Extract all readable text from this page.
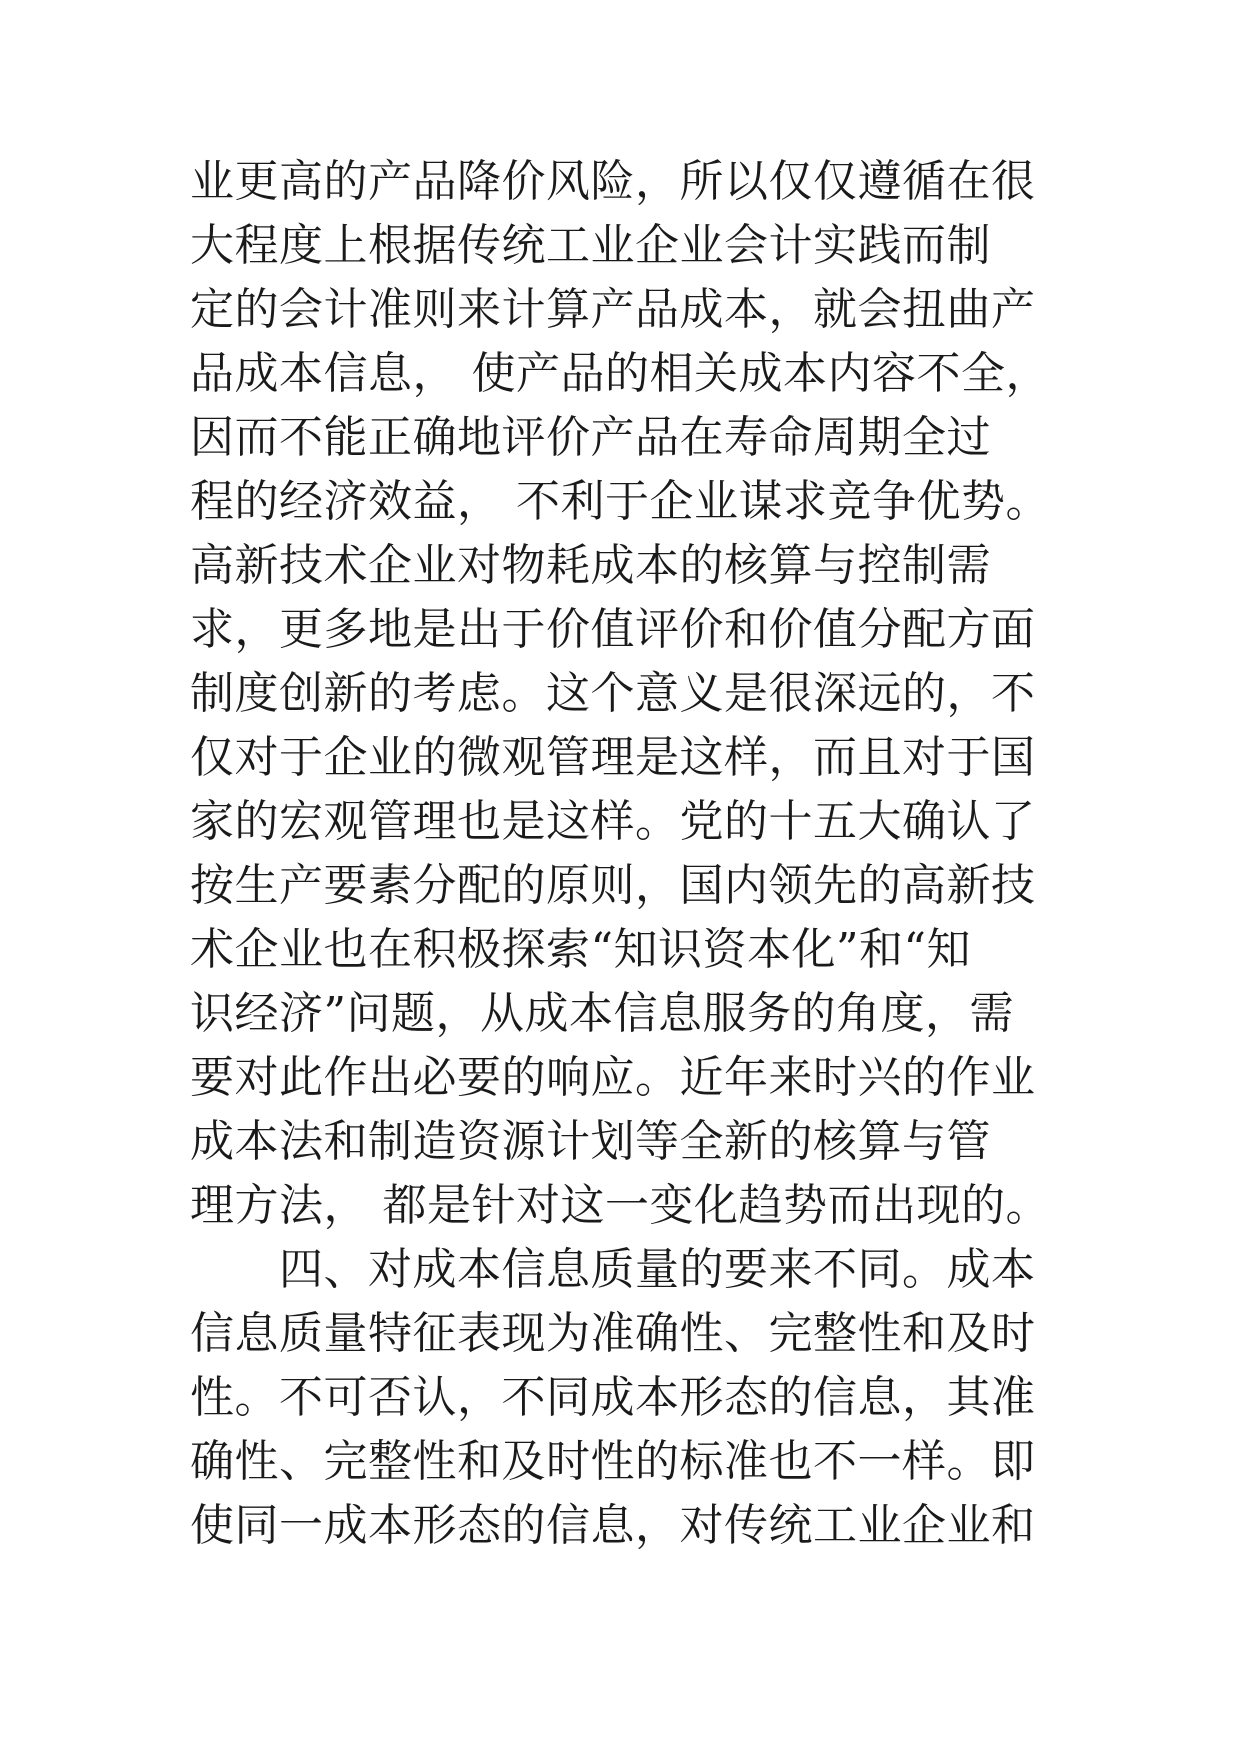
业更高的产品降价风险，所以仅仅遵循在很
大程度上根据传统工业企业会计实践而制
定的会计准则来计算产品成本，就会扭曲产
品成本信息， 使产品的相关成本内容不全，
因而不能正确地评价产品在寿命周期全过
程的经济效益， 不利于企业谋求竞争优势。
高新技术企业对物耗成本的核算与控制需
求，更多地是出于价值评价和价值分配方面
制度创新的考虑。这个意义是很深远的，不
仅对于企业的微观管理是这样，而且对于国
家的宏观管理也是这样。党的十五大确认了
按生产要素分配的原则，国内领先的高新技
术企业也在积极探索“知识资本化”和“知
识经济”问题，从成本信息服务的角度，需
要对此作出必要的响应。近年来时兴的作业
成本法和制造资源计划等全新的核算与管
理方法， 都是针对这一变化趋势而出现的。
　　四、对成本信息质量的要来不同。成本
信息质量特征表现为准确性、完整性和及时
性。不可否认，不同成本形态的信息，其准
确性、完整性和及时性的标准也不一样。即
使同一成本形态的信息，对传统工业企业和
